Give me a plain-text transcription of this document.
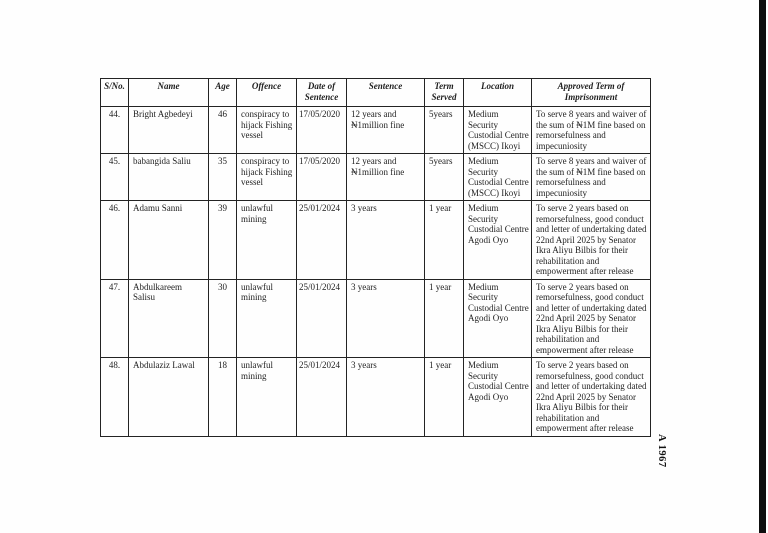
S/No.	Name	Age	Offence	Date of Sentence	Sentence	Term Served	Location	Approved Term of Imprisonment
44.	Bright Agbedeyi	46	conspiracy to hijack Fishing vessel	17/05/2020	12 years and ₦1million fine	5years	Medium Security Custodial Centre (MSCC) Ikoyi	To serve 8 years and waiver of the sum of ₦1M fine based on remorsefulness and impecuniosity
45.	babangida Saliu	35	conspiracy to hijack Fishing vessel	17/05/2020	12 years and ₦1million fine	5years	Medium Security Custodial Centre (MSCC) Ikoyi	To serve 8 years and waiver of the sum of ₦1M fine based on remorsefulness and impecuniosity
46.	Adamu Sanni	39	unlawful mining	25/01/2024	3 years	1 year	Medium Security Custodial Centre Agodi Oyo	To serve 2 years based on remorsefulness, good conduct and letter of undertaking dated 22nd April 2025 by Senator Ikra Aliyu Bilbis for their rehabilitation and empowerment after release
47.	Abdulkareem Salisu	30	unlawful mining	25/01/2024	3 years	1 year	Medium Security Custodial Centre Agodi Oyo	To serve 2 years based on remorsefulness, good conduct and letter of undertaking dated 22nd April 2025 by Senator Ikra Aliyu Bilbis for their rehabilitation and empowerment after release
48.	Abdulaziz Lawal	18	unlawful mining	25/01/2024	3 years	1 year	Medium Security Custodial Centre Agodi Oyo	To serve 2 years based on remorsefulness, good conduct and letter of undertaking dated 22nd April 2025 by Senator Ikra Aliyu Bilbis for their rehabilitation and empowerment after release
A 1967
